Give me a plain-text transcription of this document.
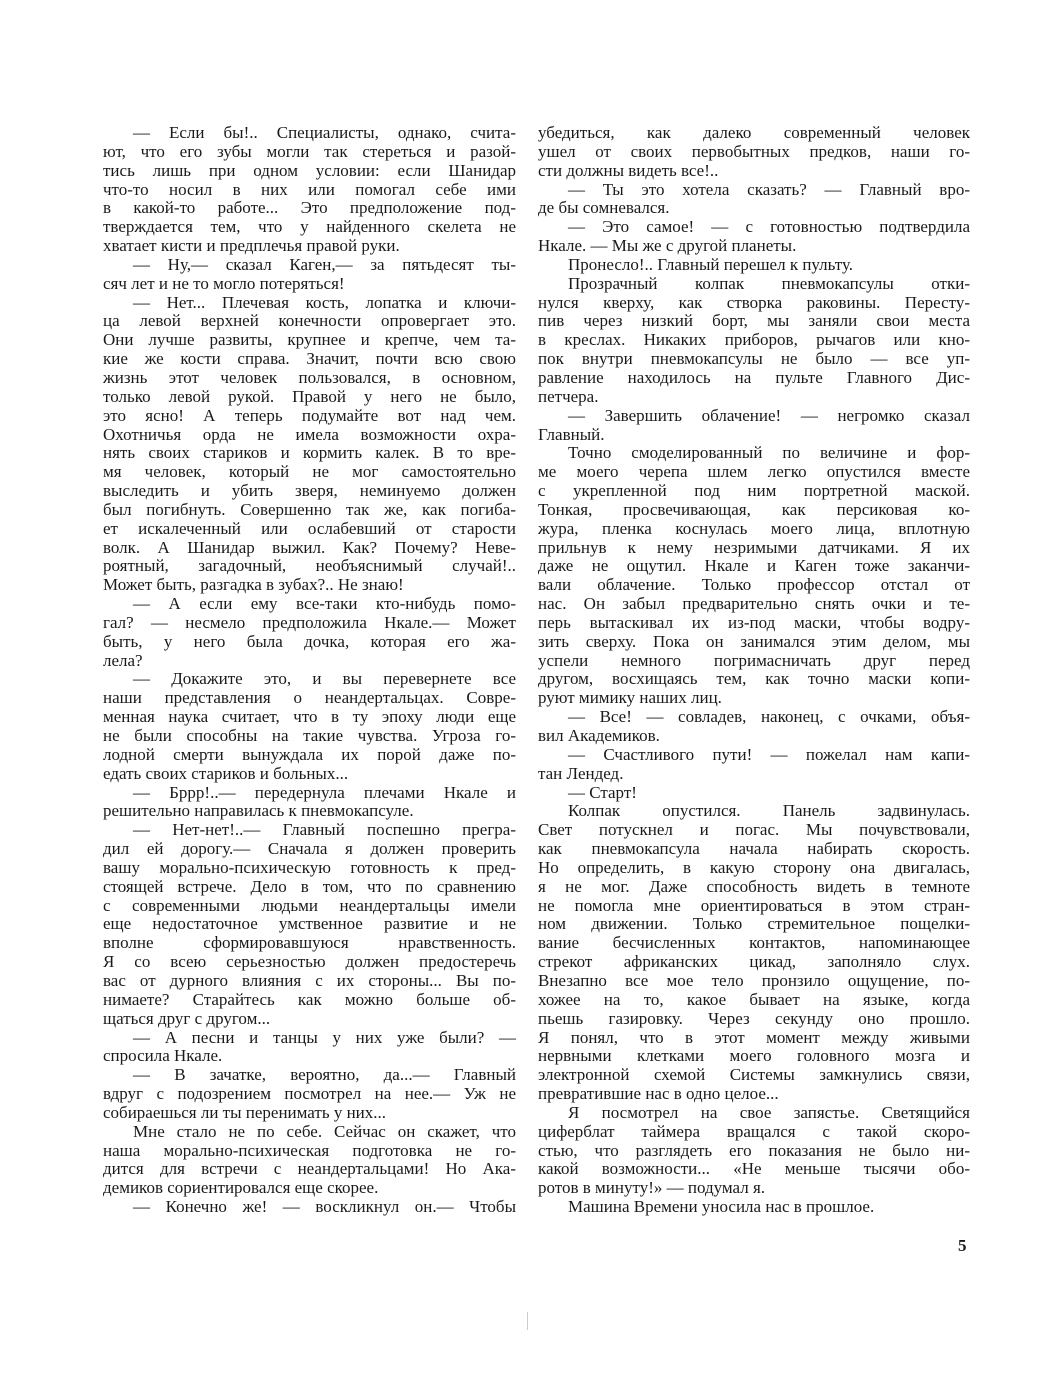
— Если бы!.. Специалисты, однако, счита-
ют, что его зубы могли так стереться и разой-
тись лишь при одном условии: если Шанидар
что-то носил в них или помогал себе ими
в какой-то работе... Это предположение под-
тверждается тем, что у найденного скелета не
хватает кисти и предплечья правой руки.
— Ну,— сказал Каген,— за пятьдесят ты-
сяч лет и не то могло потеряться!
— Нет... Плечевая кость, лопатка и ключи-
ца левой верхней конечности опровергает это.
Они лучше развиты, крупнее и крепче, чем та-
кие же кости справа. Значит, почти всю свою
жизнь этот человек пользовался, в основном,
только левой рукой. Правой у него не было,
это ясно! А теперь подумайте вот над чем.
Охотничья орда не имела возможности охра-
нять своих стариков и кормить калек. В то вре-
мя человек, который не мог самостоятельно
выследить и убить зверя, неминуемо должен
был погибнуть. Совершенно так же, как погиба-
ет искалеченный или ослабевший от старости
волк. А Шанидар выжил. Как? Почему? Неве-
роятный, загадочный, необъяснимый случай!..
Может быть, разгадка в зубах?.. Не знаю!
— А если ему все-таки кто-нибудь помо-
гал? — несмело предположила Нкале.— Может
быть, у него была дочка, которая его жа-
лела?
— Докажите это, и вы перевернете все
наши представления о неандертальцах. Совре-
менная наука считает, что в ту эпоху люди еще
не были способны на такие чувства. Угроза го-
лодной смерти вынуждала их порой даже по-
едать своих стариков и больных...
— Бррр!..— передернула плечами Нкале и
решительно направилась к пневмокапсуле.
— Нет-нет!..— Главный поспешно прегра-
дил ей дорогу.— Сначала я должен проверить
вашу морально-психическую готовность к пред-
стоящей встрече. Дело в том, что по сравнению
с современными людьми неандертальцы имели
еще недостаточное умственное развитие и не
вполне сформировавшуюся нравственность.
Я со всею серьезностью должен предостеречь
вас от дурного влияния с их стороны... Вы по-
нимаете? Старайтесь как можно больше об-
щаться друг с другом...
— А песни и танцы у них уже были? —
спросила Нкале.
— В зачатке, вероятно, да...— Главный
вдруг с подозрением посмотрел на нее.— Уж не
собираешься ли ты перенимать у них...
Мне стало не по себе. Сейчас он скажет, что
наша морально-психическая подготовка не го-
дится для встречи с неандертальцами! Но Ака-
демиков сориентировался еще скорее.
— Конечно же! — воскликнул он.— Чтобы
убедиться, как далеко современный человек
ушел от своих первобытных предков, наши го-
сти должны видеть все!..
— Ты это хотела сказать? — Главный вро-
де бы сомневался.
— Это самое! — с готовностью подтвердила
Нкале. — Мы же с другой планеты.
Пронесло!.. Главный перешел к пульту.
Прозрачный колпак пневмокапсулы отки-
нулся кверху, как створка раковины. Пересту-
пив через низкий борт, мы заняли свои места
в креслах. Никаких приборов, рычагов или кно-
пок внутри пневмокапсулы не было — все уп-
равление находилось на пульте Главного Дис-
петчера.
— Завершить облачение! — негромко сказал
Главный.
Точно смоделированный по величине и фор-
ме моего черепа шлем легко опустился вместе
с укрепленной под ним портретной маской.
Тонкая, просвечивающая, как персиковая ко-
жура, пленка коснулась моего лица, вплотную
прильнув к нему незримыми датчиками. Я их
даже не ощутил. Нкале и Каген тоже заканчи-
вали облачение. Только профессор отстал от
нас. Он забыл предварительно снять очки и те-
перь вытаскивал их из-под маски, чтобы водру-
зить сверху. Пока он занимался этим делом, мы
успели немного погримасничать друг перед
другом, восхищаясь тем, как точно маски копи-
руют мимику наших лиц.
— Все! — совладев, наконец, с очками, объя-
вил Академиков.
— Счастливого пути! — пожелал нам капи-
тан Лендед.
— Старт!
Колпак опустился. Панель задвинулась.
Свет потускнел и погас. Мы почувствовали,
как пневмокапсула начала набирать скорость.
Но определить, в какую сторону она двигалась,
я не мог. Даже способность видеть в темноте
не помогла мне ориентироваться в этом стран-
ном движении. Только стремительное пощелки-
вание бесчисленных контактов, напоминающее
стрекот африканских цикад, заполняло слух.
Внезапно все мое тело пронзило ощущение, по-
хожее на то, какое бывает на языке, когда
пьешь газировку. Через секунду оно прошло.
Я понял, что в этот момент между живыми
нервными клетками моего головного мозга и
электронной схемой Системы замкнулись связи,
превратившие нас в одно целое...
Я посмотрел на свое запястье. Светящийся
циферблат таймера вращался с такой скоро-
стью, что разглядеть его показания не было ни-
какой возможности... «Не меньше тысячи обо-
ротов в минуту!» — подумал я.
Машина Времени уносила нас в прошлое.
5
